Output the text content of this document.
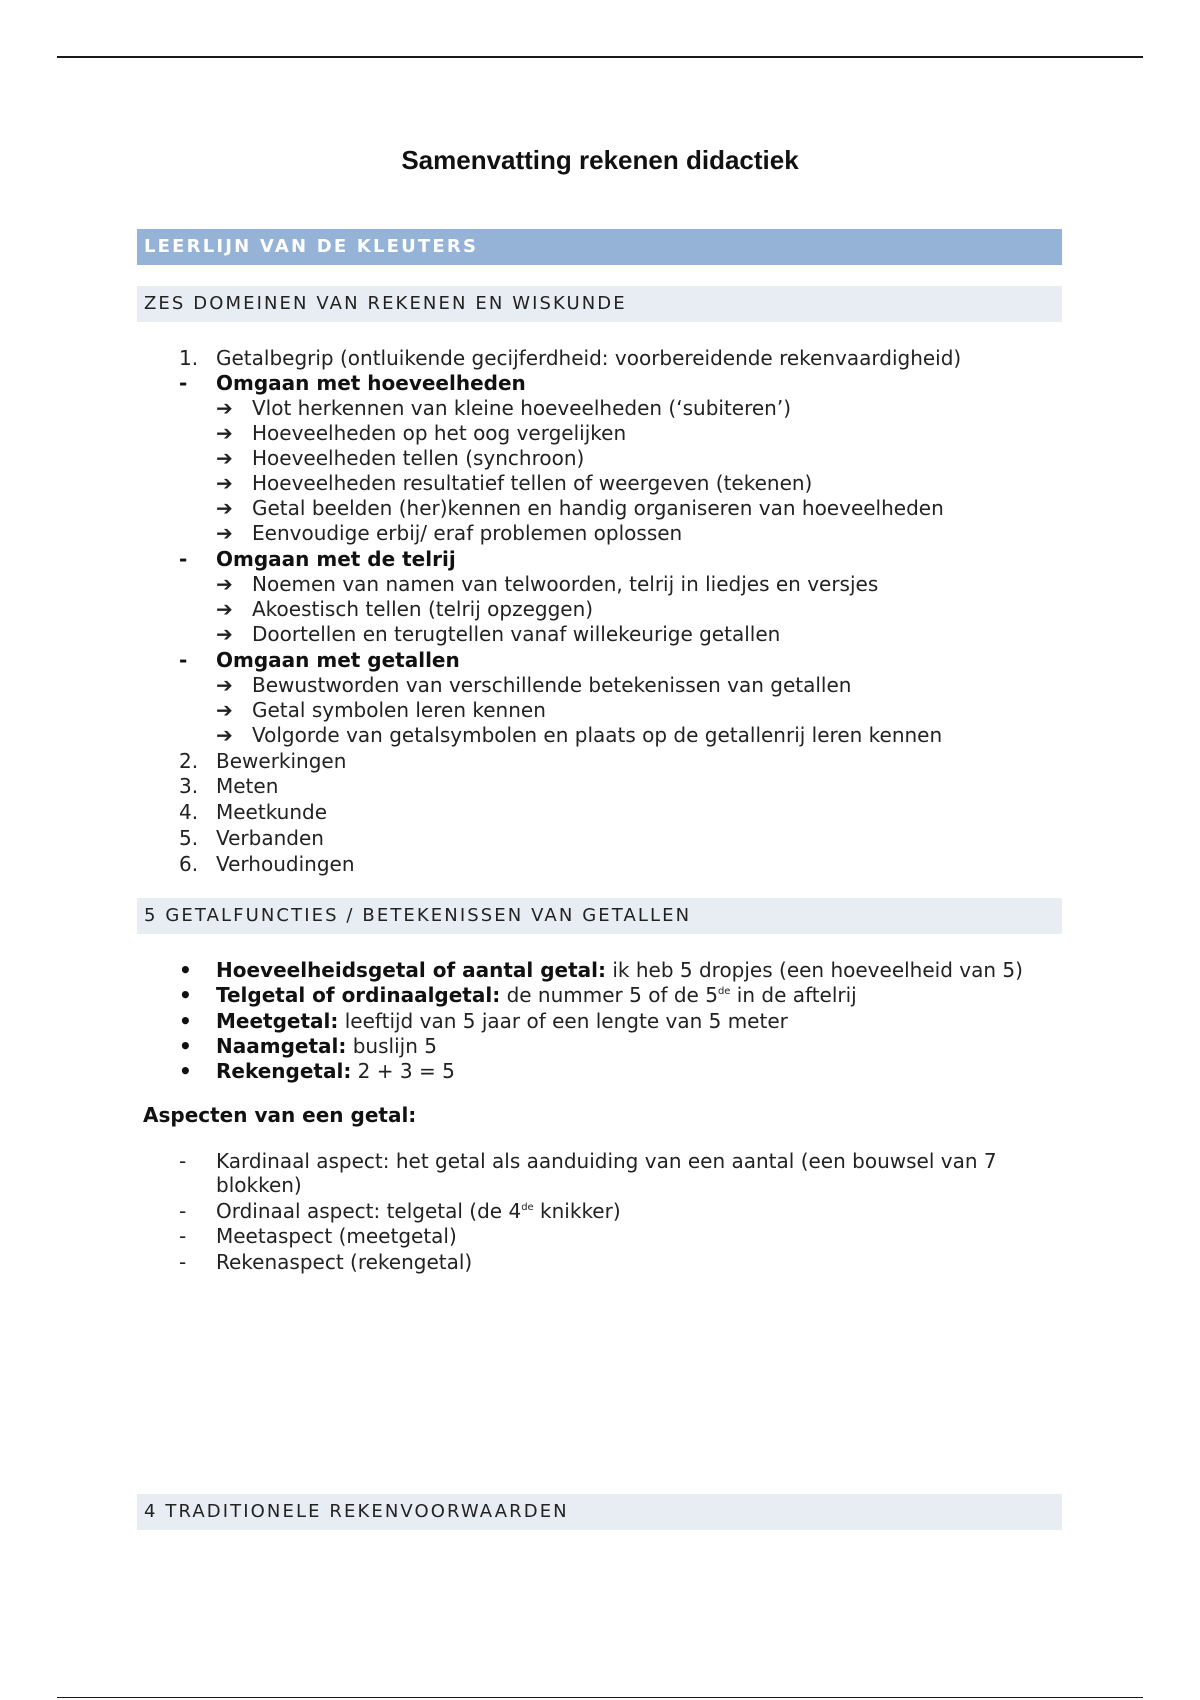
Samenvatting rekenen didactiek
LEERLIJN VAN DE KLEUTERS
ZES DOMEINEN VAN REKENEN EN WISKUNDE
1. Getalbegrip (ontluikende gecijferdheid: voorbereidende rekenvaardigheid)
- Omgaan met hoeveelheden
➔ Vlot herkennen van kleine hoeveelheden (‘subiteren’)
➔ Hoeveelheden op het oog vergelijken
➔ Hoeveelheden tellen (synchroon)
➔ Hoeveelheden resultatief tellen of weergeven (tekenen)
➔ Getal beelden (her)kennen en handig organiseren van hoeveelheden
➔ Eenvoudige erbij/ eraf problemen oplossen
- Omgaan met de telrij
➔ Noemen van namen van telwoorden, telrij in liedjes en versjes
➔ Akoestisch tellen (telrij opzeggen)
➔ Doortellen en terugtellen vanaf willekeurige getallen
- Omgaan met getallen
➔ Bewustworden van verschillende betekenissen van getallen
➔ Getal symbolen leren kennen
➔ Volgorde van getalsymbolen en plaats op de getallenrij leren kennen
2. Bewerkingen
3. Meten
4. Meetkunde
5. Verbanden
6. Verhoudingen
5 GETALFUNCTIES / BETEKENISSEN VAN GETALLEN
• Hoeveelheidsgetal of aantal getal: ik heb 5 dropjes (een hoeveelheid van 5)
• Telgetal of ordinaalgetal: de nummer 5 of de 5de in de aftelrij
• Meetgetal: leeftijd van 5 jaar of een lengte van 5 meter
• Naamgetal: buslijn 5
• Rekengetal: 2 + 3 = 5
Aspecten van een getal:
- Kardinaal aspect: het getal als aanduiding van een aantal (een bouwsel van 7
blokken)
- Ordinaal aspect: telgetal (de 4de knikker)
- Meetaspect (meetgetal)
- Rekenaspect (rekengetal)
4 TRADITIONELE REKENVOORWAARDEN
